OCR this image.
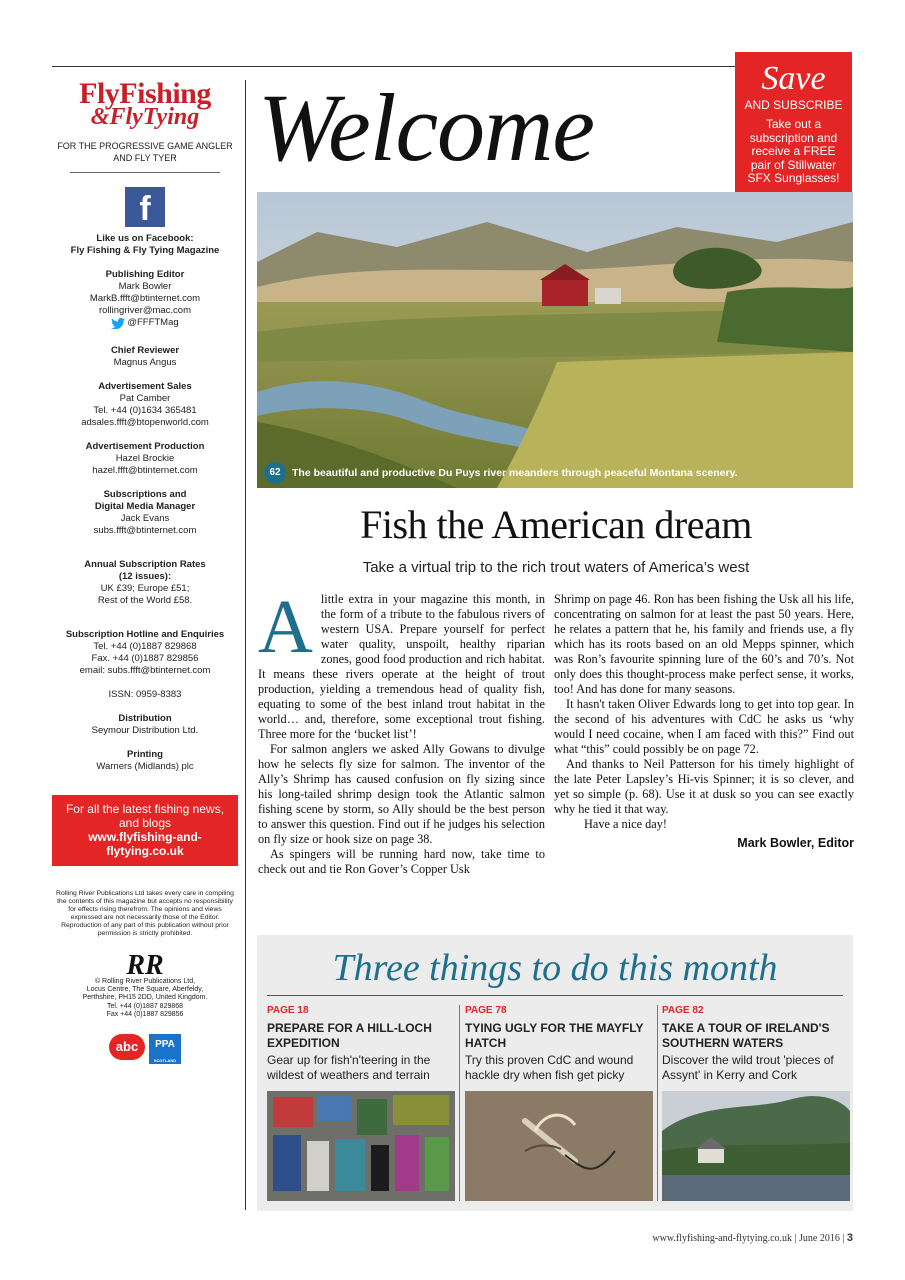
FlyFishing
&FlyTying
FOR THE PROGRESSIVE GAME ANGLER AND FLY TYER
f
Like us on Facebook:
Fly Fishing & Fly Tying Magazine
Publishing Editor
Mark Bowler
MarkB.ffft@btinternet.com
rollingriver@mac.com
@FFFTMag
Chief Reviewer
Magnus Angus
Advertisement Sales
Pat Camber
Tel. +44 (0)1634 365481
adsales.ffft@btopenworld.com
Advertisement Production
Hazel Brockie
hazel.ffft@btinternet.com
Subscriptions and
Digital Media Manager
Jack Evans
subs.ffft@btinternet.com
Annual Subscription Rates
(12 issues):
UK £39; Europe £51;
Rest of the World £58.
Subscription Hotline and Enquiries
Tel. +44 (0)1887 829868
Fax. +44 (0)1887 829856
email: subs.ffft@btinternet.com
ISSN: 0959-8383
Distribution
Seymour Distribution Ltd.
Printing
Warners (Midlands) plc
For all the latest fishing news, and blogs
www.flyfishing-and-flytying.co.uk
Rolling River Publications Ltd takes every care in compiling the contents of this magazine but accepts no responsibility for effects rising therefrom. The opinions and views expressed are not necessarily those of the Editor. Reproduction of any part of this publication without prior permission is strictly prohibited.
RR
© Rolling River Publications Ltd,
Locus Centre, The Square, Aberfeldy,
Perthshire, PH15 2DD, United Kingdom.
Tel. +44 (0)1887 829868
Fax +44 (0)1887 829856
abc	PPA
SCOTLAND
Welcome	Save
AND SUBSCRIBE
Take out a subscription and receive a FREE pair of Stillwater SFX Sunglasses!
62	The beautiful and productive Du Puys river meanders through peaceful Montana scenery.
Fish the American dream
Take a virtual trip to the rich trout waters of America’s west
A little extra in your magazine this month, in the form of a tribute to the fabulous rivers of western USA. Prepare yourself for perfect water quality, unspoilt, healthy riparian zones, good food production and rich habitat. It means these rivers operate at the height of trout production, yielding a tremendous head of quality fish, equating to some of the best inland trout habitat in the world… and, therefore, some exceptional trout fishing. Three more for the ‘bucket list’!

For salmon anglers we asked Ally Gowans to divulge how he selects fly size for salmon. The inventor of the Ally’s Shrimp has caused confusion on fly sizing since his long-tailed shrimp design took the Atlantic salmon fishing scene by storm, so Ally should be the best person to answer this question. Find out if he judges his selection on fly size or hook size on page 38.

As spingers will be running hard now, take time to check out and tie Ron Gover’s Copper Usk

Shrimp on page 46. Ron has been fishing the Usk all his life, concentrating on salmon for at least the past 50 years. Here, he relates a pattern that he, his family and friends use, a fly which has its roots based on an old Mepps spinner, which was Ron’s favourite spinning lure of the 60’s and 70’s. Not only does this thought-process make perfect sense, it works, too! And has done for many seasons.

It hasn't taken Oliver Edwards long to get into top gear. In the second of his adventures with CdC he asks us ‘why would I need cocaine, when I am faced with this?” Find out what “this” could possibly be on page 72.

And thanks to Neil Patterson for his timely highlight of the late Peter Lapsley’s Hi-vis Spinner; it is so clever, and yet so simple (p. 68). Use it at dusk so you can see exactly why he tied it that way.

Have a nice day!

Mark Bowler, Editor
Three things to do this month
PAGE 18
PREPARE FOR A HILL-LOCH EXPEDITION
Gear up for fish'n'teering in the wildest of weathers and terrain
PAGE 78
TYING UGLY FOR THE MAYFLY HATCH
Try this proven CdC and wound hackle dry when fish get picky
PAGE 82
TAKE A TOUR OF IRELAND'S SOUTHERN WATERS
Discover the wild trout 'pieces of Assynt' in Kerry and Cork
www.flyfishing-and-flytying.co.uk | June 2016 | 3
